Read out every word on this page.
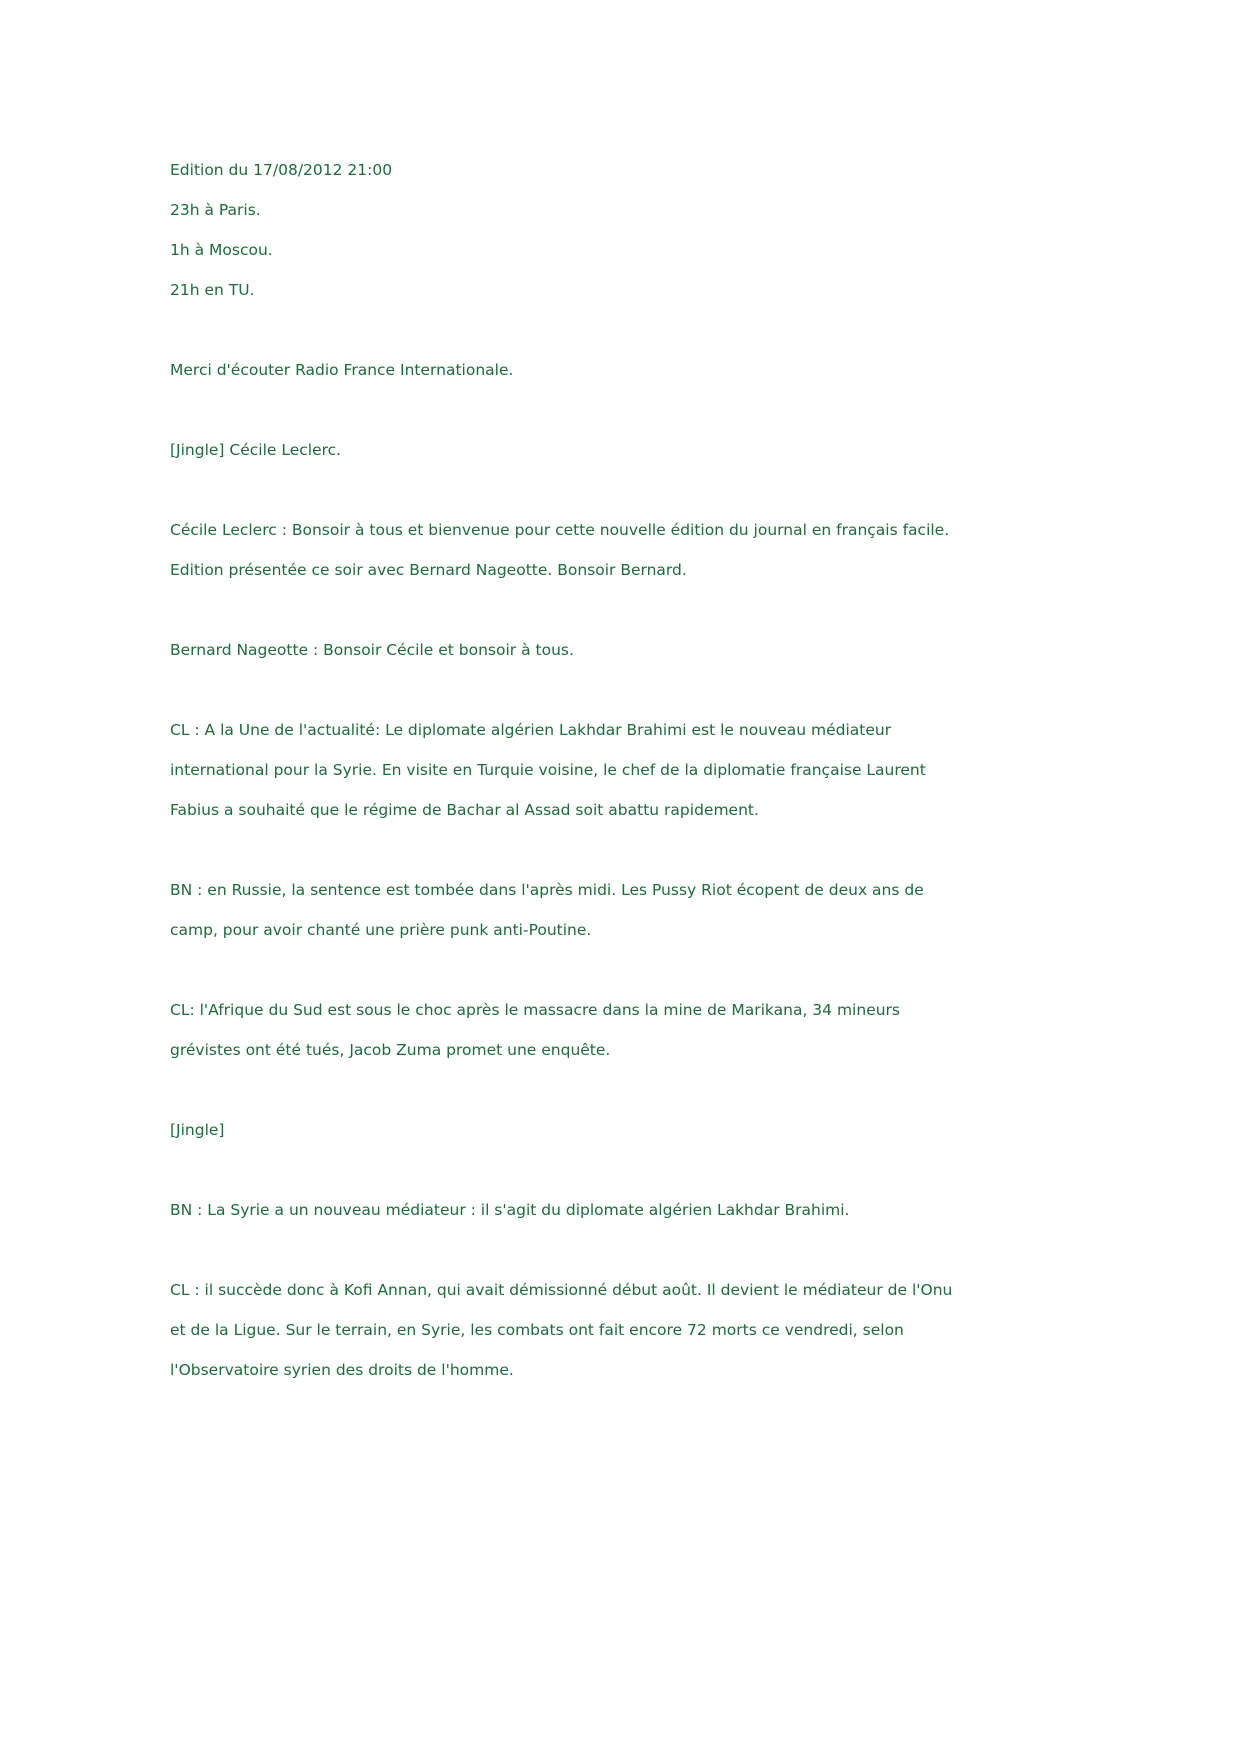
Edition du 17/08/2012 21:00

23h à Paris.

1h à Moscou.

21h en TU.

Merci d'écouter Radio France Internationale.

[Jingle] Cécile Leclerc.

Cécile Leclerc : Bonsoir à tous et bienvenue pour cette nouvelle édition du journal en français facile. Edition présentée ce soir avec Bernard Nageotte. Bonsoir Bernard.

Bernard Nageotte : Bonsoir Cécile et bonsoir à tous.

CL : A la Une de l'actualité: Le diplomate algérien Lakhdar Brahimi est le nouveau médiateur international pour la Syrie. En visite en Turquie voisine, le chef de la diplomatie française Laurent Fabius a souhaité que le régime de Bachar al Assad soit abattu rapidement.

BN : en Russie, la sentence est tombée dans l'après midi. Les Pussy Riot écopent de deux ans de camp, pour avoir chanté une prière punk anti-Poutine.

CL: l'Afrique du Sud est sous le choc après le massacre dans la mine de Marikana, 34 mineurs grévistes ont été tués, Jacob Zuma promet une enquête.

[Jingle]

BN : La Syrie a un nouveau médiateur : il s'agit du diplomate algérien Lakhdar Brahimi.

CL : il succède donc à Kofi Annan, qui avait démissionné début août. Il devient le médiateur de l'Onu et de la Ligue. Sur le terrain, en Syrie, les combats ont fait encore 72 morts ce vendredi, selon l'Observatoire syrien des droits de l'homme.
